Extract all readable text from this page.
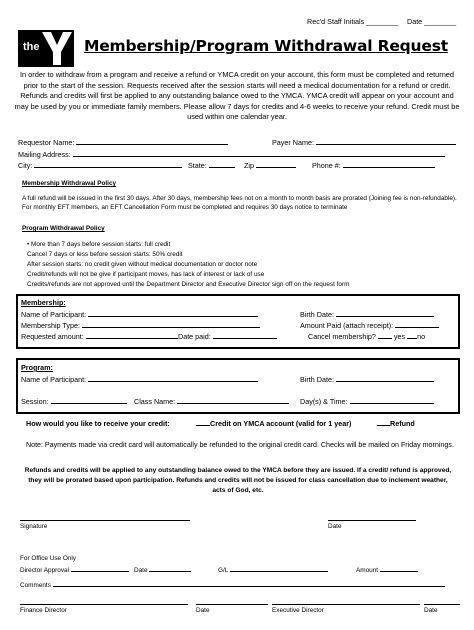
Rec'd Staff Initials ________ Date ________
the	Membership/Program Withdrawal Request
In order to withdraw from a program and receive a refund or YMCA credit on your account, this form must be completed and returned prior to the start of the session. Requests received after the session starts will need a medical documentation for a refund or credit. Refunds and credits will first be applied to any outstanding balance owed to the YMCA. YMCA credit will appear on your account and may be used by you or immediate family members. Please allow 7 days for credits and 4-6 weeks to receive your refund. Credit must be used within one calendar year.
Requestor Name:	Payer Name:
Mailing Address:
City:	State:	Zip	Phone #:
Membership Withdrawal Policy
A full refund will be issued in the first 30 days. After 30 days, membership fees not on a month to month basis are prorated (Joining fee is non-refundable). For monthly EFT members, an EFT Cancellation Form must be completed and requires 30 days notice to terminate
Program Withdrawal Policy
• More than 7 days before session starts: full credit
Cancel 7 days or less before session starts: 50% credit
After session starts: no credit given without medical documentation or doctor note
Credit/refunds will not be give if participant moves, has lack of interest or lack of use
Credits/refunds are not approved until the Department Director and Executive Director sign off on the request form
Membership:
Name of Participant:	Birth Date:
Membership Type:	Amount Paid (attach receipt):
Requested amount:	Date paid:	Cancel membership?	yes no
Program:
Name of Participant:	Birth Date:
Session:	Class Name:	Day(s) & Time:
How would you like to receive your credit:	Credit on YMCA account (valid for 1 year)	Refund
Note: Payments made via credit card will automatically be refunded to the original credit card. Checks will be mailed on Friday mornings.
Refunds and credits will be applied to any outstanding balance owed to the YMCA before they are issued. If a credit/ refund is approved, they will be prorated based upon participation. Refunds and credits will not be issued for class cancellation due to inclement weather, acts of God, etc.
Signature	Date
For Office Use Only
Director Approval	Date	G/L	Amount
Comments
Finance Director	Date	Executive Director	Date
